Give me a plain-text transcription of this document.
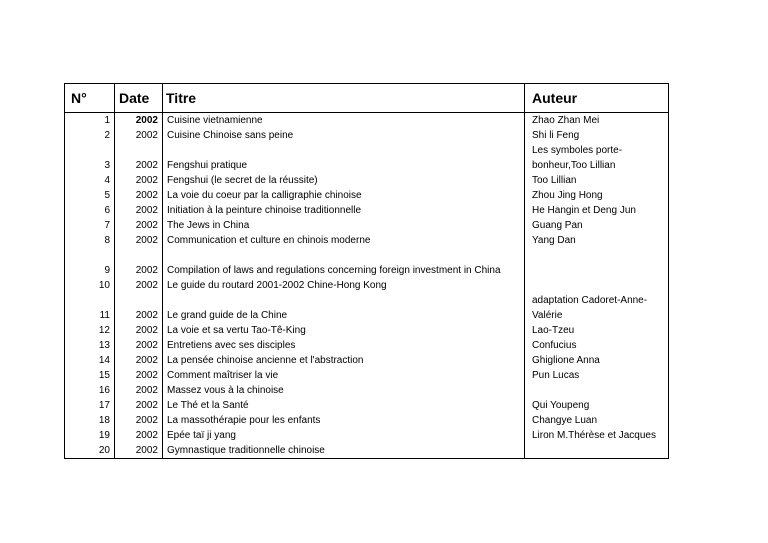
N°	Date	Titre	Auteur
1	2002	Cuisine vietnamienne	Zhao Zhan Mei
2	2002	Cuisine Chinoise sans peine	Shi li Feng
3	2002	Fengshui pratique	Les symboles porte-bonheur,Too Lillian
4	2002	Fengshui (le secret de la réussite)	Too Lillian
5	2002	La voie du coeur par la calligraphie chinoise	Zhou Jing Hong
6	2002	Initiation à la peinture chinoise traditionnelle	He Hangin et Deng Jun
7	2002	The Jews in China	Guang Pan
8	2002	Communication et culture en chinois moderne	Yang Dan
9	2002	Compilation of laws and regulations concerning foreign investment in China	
10	2002	Le guide du routard 2001-2002 Chine-Hong Kong	
11	2002	Le grand guide de la Chine	adaptation Cadoret-Anne-Valérie
12	2002	La voie et sa vertu Tao-Tê-King	Lao-Tzeu
13	2002	Entretiens avec ses disciples	Confucius
14	2002	La pensée chinoise ancienne et l'abstraction	Ghiglione Anna
15	2002	Comment maîtriser la vie	Pun Lucas
16	2002	Massez vous à la chinoise	
17	2002	Le Thé et la Santé	Qui Youpeng
18	2002	La massothérapie pour les enfants	Changye Luan
19	2002	Epée taï ji yang	Liron M.Thérèse et Jacques
20	2002	Gymnastique traditionnelle chinoise	
